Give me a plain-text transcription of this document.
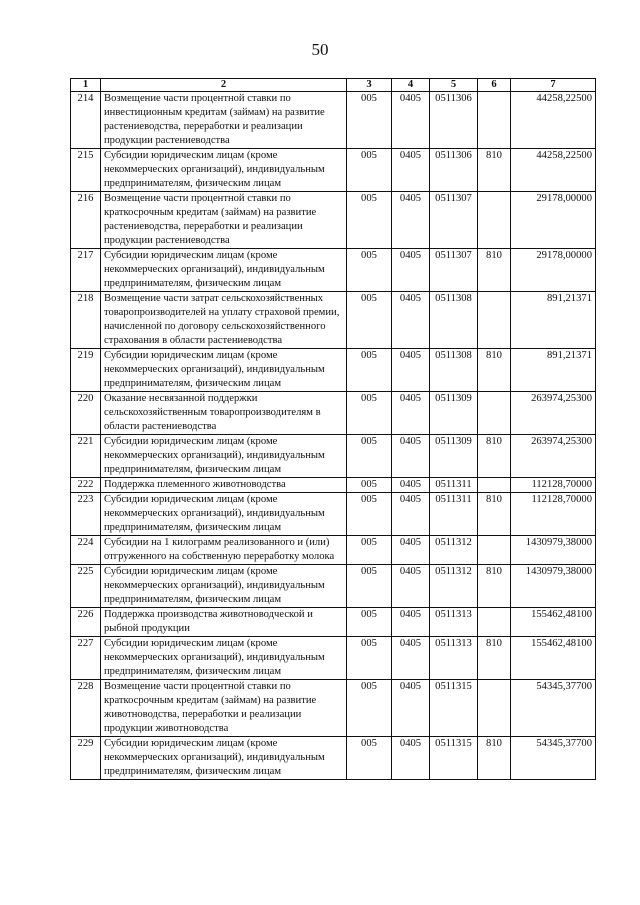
50
1	2	3	4	5	6	7
214	Возмещение части процентной ставки по инвестиционным кредитам (займам) на развитие растениеводства, переработки и реализации продукции растениеводства	005	0405	0511306		44258,22500
215	Субсидии юридическим лицам (кроме некоммерческих организаций), индивидуальным предпринимателям, физическим лицам	005	0405	0511306	810	44258,22500
216	Возмещение части процентной ставки по краткосрочным кредитам (займам) на развитие растениеводства, переработки и реализации продукции растениеводства	005	0405	0511307		29178,00000
217	Субсидии юридическим лицам (кроме некоммерческих организаций), индивидуальным предпринимателям, физическим лицам	005	0405	0511307	810	29178,00000
218	Возмещение части затрат сельскохозяйственных товаропроизводителей на уплату страховой премии, начисленной по договору сельскохозяйственного страхования в области растениеводства	005	0405	0511308		891,21371
219	Субсидии юридическим лицам (кроме некоммерческих организаций), индивидуальным предпринимателям, физическим лицам	005	0405	0511308	810	891,21371
220	Оказание несвязанной поддержки сельскохозяйственным товаропроизводителям в области растениеводства	005	0405	0511309		263974,25300
221	Субсидии юридическим лицам (кроме некоммерческих организаций), индивидуальным предпринимателям, физическим лицам	005	0405	0511309	810	263974,25300
222	Поддержка племенного животноводства	005	0405	0511311		112128,70000
223	Субсидии юридическим лицам (кроме некоммерческих организаций), индивидуальным предпринимателям, физическим лицам	005	0405	0511311	810	112128,70000
224	Субсидии на 1 килограмм реализованного и (или) отгруженного на собственную переработку молока	005	0405	0511312		1430979,38000
225	Субсидии юридическим лицам (кроме некоммерческих организаций), индивидуальным предпринимателям, физическим лицам	005	0405	0511312	810	1430979,38000
226	Поддержка производства животноводческой и рыбной продукции	005	0405	0511313		155462,48100
227	Субсидии юридическим лицам (кроме некоммерческих организаций), индивидуальным предпринимателям, физическим лицам	005	0405	0511313	810	155462,48100
228	Возмещение части процентной ставки по краткосрочным кредитам (займам) на развитие животноводства, переработки и реализации продукции животноводства	005	0405	0511315		54345,37700
229	Субсидии юридическим лицам (кроме некоммерческих организаций), индивидуальным предпринимателям, физическим лицам	005	0405	0511315	810	54345,37700
